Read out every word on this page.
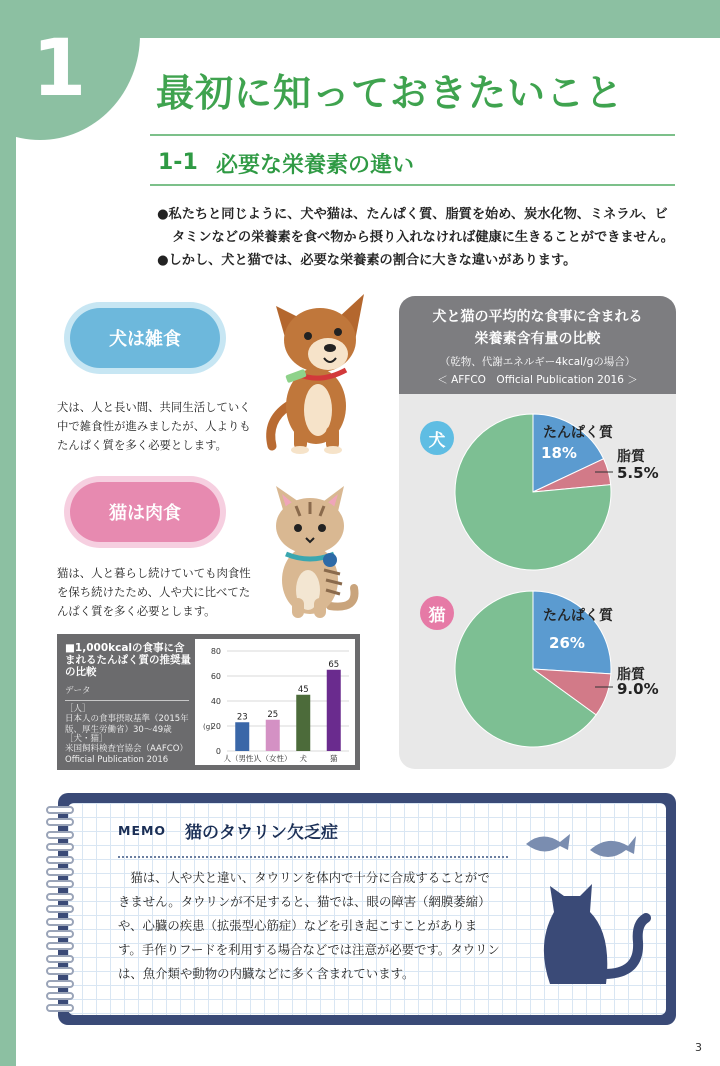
1 最初に知っておきたいこと
1-1 必要な栄養素の違い

●私たちと同じように、犬や猫は、たんぱく質、脂質を始め、炭水化物、ミネラル、ビタミンなどの栄養素を食べ物から摂り入れなければ健康に生きることができません。

●しかし、犬と猫では、必要な栄養素の割合に大きな違いがあります。

犬は雑食
犬は、人と長い間、共同生活していく中で雑食性が進みましたが、人よりもたんぱく質を多く必要とします。
猫は肉食
猫は、人と暮らし続けていても肉食性を保ち続けたため、人や犬に比べてたんぱく質を多く必要とします。
■1,000kcalの食事に含まれるたんぱく質の推奨量の比較
データ
［人］
日本人の食事摂取基準（2015年版、厚生労働省）30〜49歳
［犬・猫］
米国飼料検査官協会（AAFCO）Official Publication 2016
0
20
40
60
80
(g)
23
人（男性）
25
人（女性）
45
犬
65
猫
犬と猫の平均的な食事に含まれる
栄養素含有量の比較
（乾物、代謝エネルギー4kcal/gの場合）
＜ AFFCO　Official Publication 2016 ＞
犬
猫
18%
5.5%
26%
9.0%
たんぱく質
脂質
たんぱく質
脂質
MEMO 猫のタウリン欠乏症
　猫は、人や犬と違い、タウリンを体内で十分に合成することができません。タウリンが不足すると、猫では、眼の障害（網膜萎縮）や、心臓の疾患（拡張型心筋症）などを引き起こすことがあります。手作りフードを利用する場合などでは注意が必要です。タウリンは、魚介類や動物の内臓などに多く含まれています。
3
